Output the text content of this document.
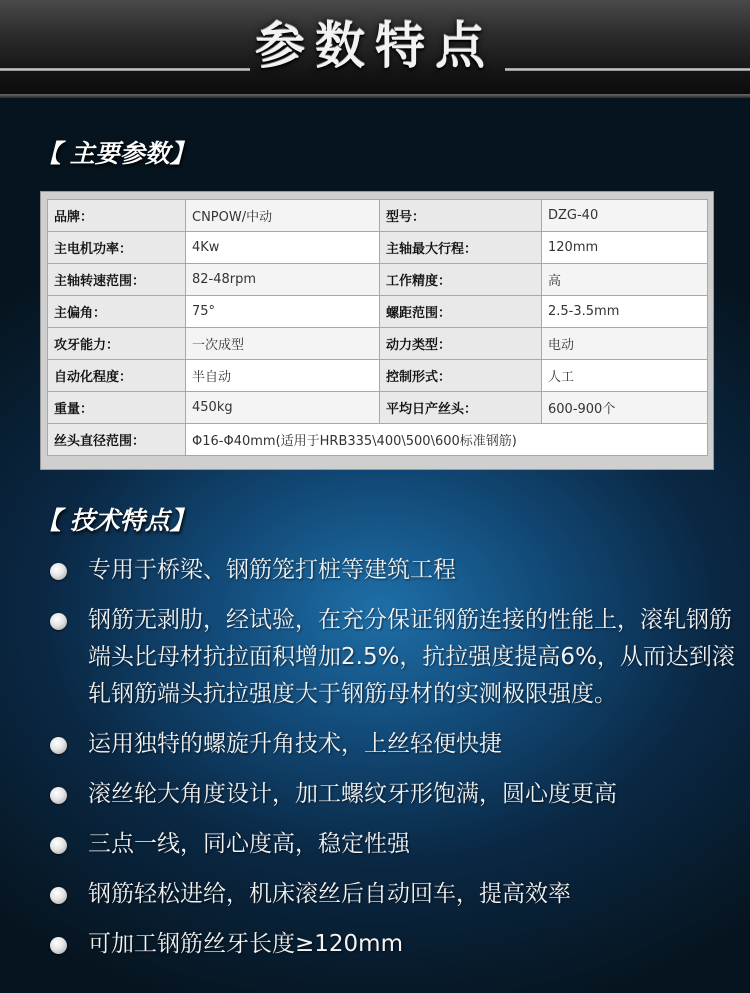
参数特点
【 主要参数】
品牌：	CNPOW/中动	型号：	DZG-40
主电机功率：	4Kw	主轴最大行程：	120mm
主轴转速范围：	82-48rpm	工作精度：	高
主偏角：	75°	螺距范围：	2.5-3.5mm
攻牙能力：	一次成型	动力类型：	电动
自动化程度：	半自动	控制形式：	人工
重量：	450kg	平均日产丝头：	600-900个
丝头直径范围：	Φ16-Φ40mm(适用于HRB335\400\500\600标准钢筋)		
【 技术特点】
专用于桥梁、钢筋笼打桩等建筑工程
钢筋无剥肋，经试验，在充分保证钢筋连接的性能上，滚轧钢筋端头比母材抗拉面积增加2.5%，抗拉强度提高6%，从而达到滚轧钢筋端头抗拉强度大于钢筋母材的实测极限强度。
运用独特的螺旋升角技术，上丝轻便快捷
滚丝轮大角度设计，加工螺纹牙形饱满，圆心度更高
三点一线，同心度高，稳定性强
钢筋轻松进给，机床滚丝后自动回车，提高效率
可加工钢筋丝牙长度≥120mm
